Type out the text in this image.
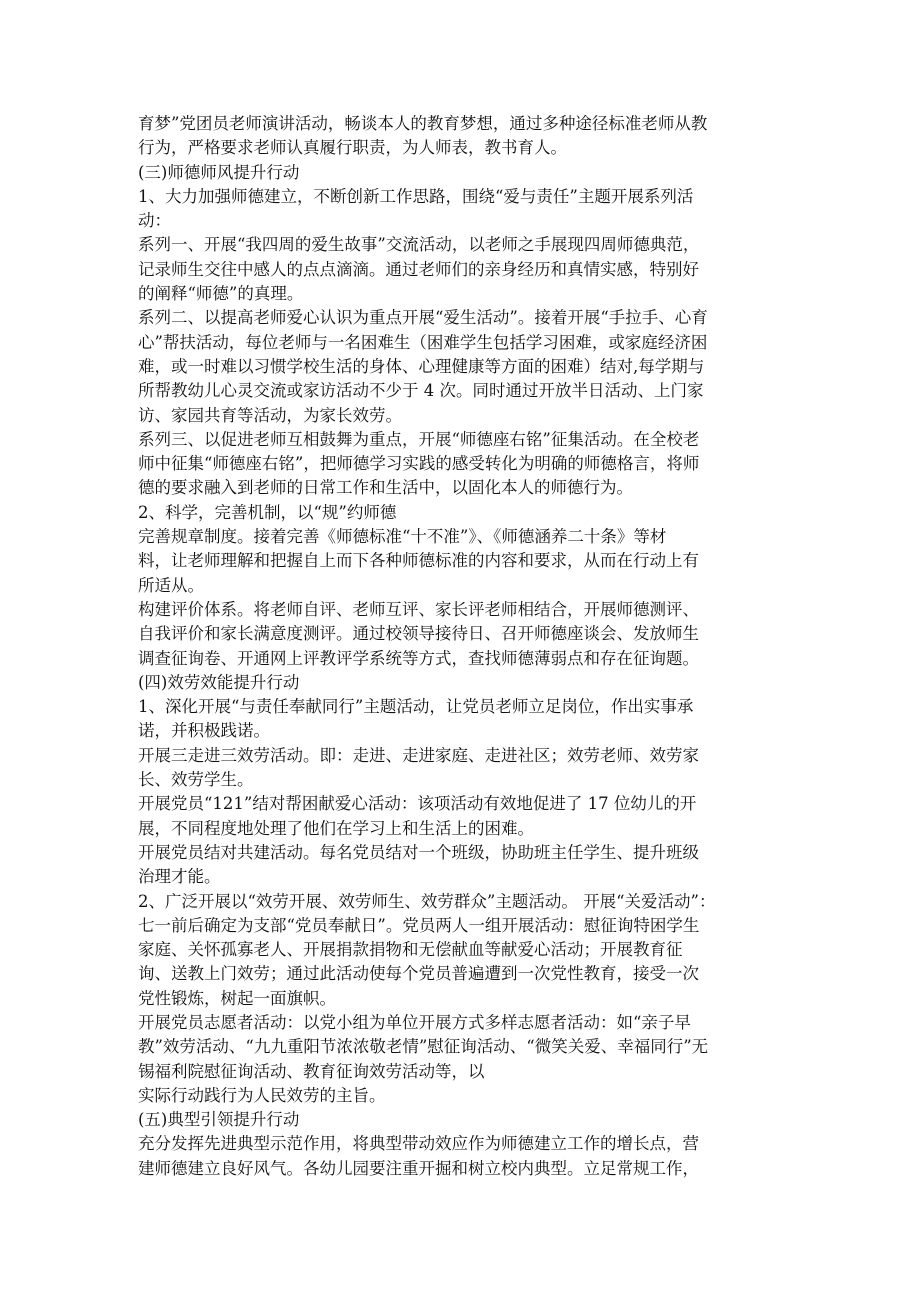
育梦”党团员老师演讲活动，畅谈本人的教育梦想，通过多种途径标准老师从教
行为，严格要求老师认真履行职责，为人师表，教书育人。
(三)师德师风提升行动
1、大力加强师德建立，不断创新工作思路，围绕“爱与责任”主题开展系列活
动：
系列一、开展“我四周的爱生故事”交流活动，以老师之手展现四周师德典范，
记录师生交往中感人的点点滴滴。通过老师们的亲身经历和真情实感，特别好
的阐释“师德”的真理。
系列二、以提高老师爱心认识为重点开展“爱生活动”。接着开展“手拉手、心育
心”帮扶活动，每位老师与一名困难生（困难学生包括学习困难，或家庭经济困
难，或一时难以习惯学校生活的身体、心理健康等方面的困难）结对,每学期与
所帮教幼儿心灵交流或家访活动不少于 4 次。同时通过开放半日活动、上门家
访、家园共育等活动，为家长效劳。
系列三、以促进老师互相鼓舞为重点，开展“师德座右铭”征集活动。在全校老
师中征集“师德座右铭”，把师德学习实践的感受转化为明确的师德格言，将师
德的要求融入到老师的日常工作和生活中，以固化本人的师德行为。
2、科学，完善机制，以“规”约师德
完善规章制度。接着完善《师德标准“十不准”》、《师德涵养二十条》等材
料，让老师理解和把握自上而下各种师德标准的内容和要求，从而在行动上有
所适从。
构建评价体系。将老师自评、老师互评、家长评老师相结合，开展师德测评、
自我评价和家长满意度测评。通过校领导接待日、召开师德座谈会、发放师生
调查征询卷、开通网上评教评学系统等方式，查找师德薄弱点和存在征询题。
(四)效劳效能提升行动
1、深化开展“与责任奉献同行”主题活动，让党员老师立足岗位，作出实事承
诺，并积极践诺。
开展三走进三效劳活动。即：走进、走进家庭、走进社区；效劳老师、效劳家
长、效劳学生。
开展党员“121”结对帮困献爱心活动：该项活动有效地促进了 17 位幼儿的开
展，不同程度地处理了他们在学习上和生活上的困难。
开展党员结对共建活动。每名党员结对一个班级，协助班主任学生、提升班级
治理才能。
2、广泛开展以“效劳开展、效劳师生、效劳群众”主题活动。 开展“关爱活动”：
七一前后确定为支部“党员奉献日”。党员两人一组开展活动：慰征询特困学生
家庭、关怀孤寡老人、开展捐款捐物和无偿献血等献爱心活动；开展教育征
询、送教上门效劳；通过此活动使每个党员普遍遭到一次党性教育，接受一次
党性锻炼，树起一面旗帜。
开展党员志愿者活动：以党小组为单位开展方式多样志愿者活动：如“亲子早
教”效劳活动、“九九重阳节浓浓敬老情”慰征询活动、“微笑关爱、幸福同行”无
锡福利院慰征询活动、教育征询效劳活动等，以
实际行动践行为人民效劳的主旨。
(五)典型引领提升行动
充分发挥先进典型示范作用，将典型带动效应作为师德建立工作的增长点，营
建师德建立良好风气。各幼儿园要注重开掘和树立校内典型。立足常规工作，
